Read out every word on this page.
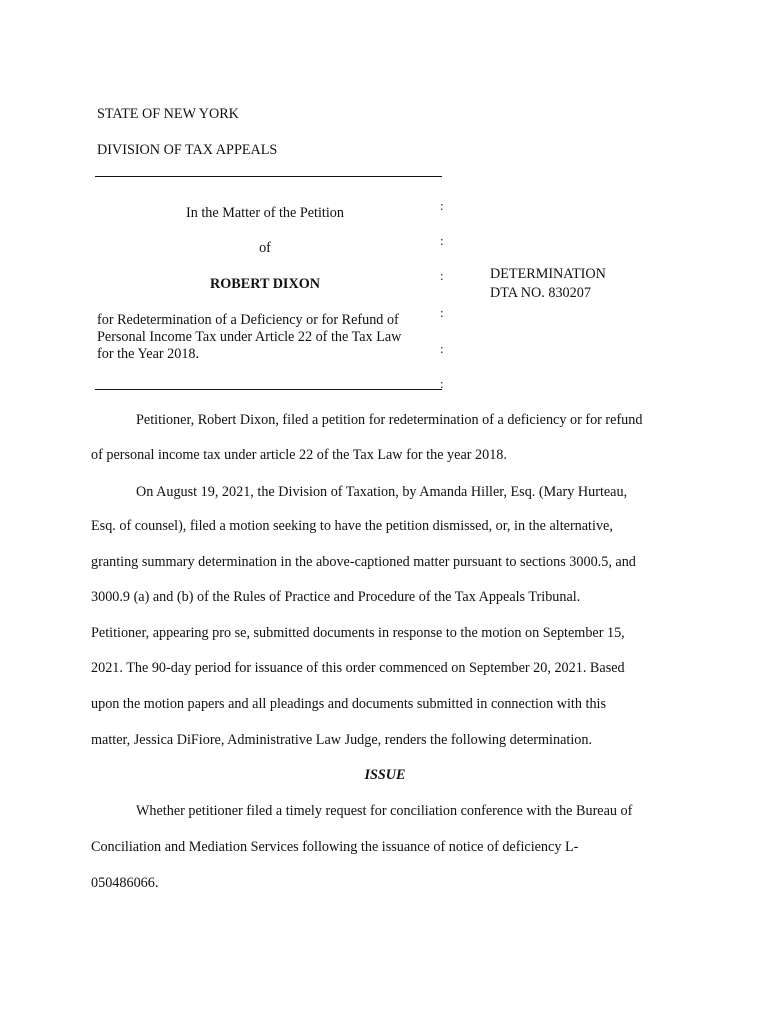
STATE OF NEW YORK
DIVISION OF TAX APPEALS
In the Matter of the Petition
of
ROBERT DIXON
for Redetermination of a Deficiency or for Refund of
Personal Income Tax under Article 22 of the Tax Law
for the Year 2018.
:
:
:
:
:
:
DETERMINATION
DTA NO. 830207
Petitioner, Robert Dixon, filed a petition for redetermination of a deficiency or for refund
of personal income tax under article 22 of the Tax Law for the year 2018.
On August 19, 2021, the Division of Taxation, by Amanda Hiller, Esq. (Mary Hurteau,
Esq. of counsel), filed a motion seeking to have the petition dismissed, or, in the alternative,
granting summary determination in the above-captioned matter pursuant to sections 3000.5, and
3000.9 (a) and (b) of the Rules of Practice and Procedure of the Tax Appeals Tribunal.
Petitioner, appearing pro se, submitted documents in response to the motion on September 15,
2021. The 90-day period for issuance of this order commenced on September 20, 2021. Based
upon the motion papers and all pleadings and documents submitted in connection with this
matter, Jessica DiFiore, Administrative Law Judge, renders the following determination.
ISSUE
Whether petitioner filed a timely request for conciliation conference with the Bureau of
Conciliation and Mediation Services following the issuance of notice of deficiency L-
050486066.
